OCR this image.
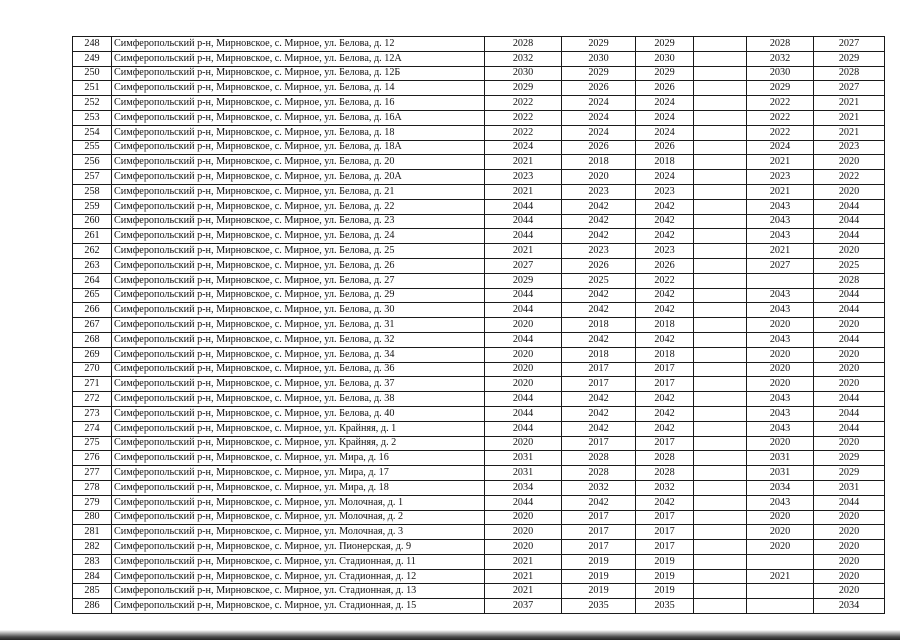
248	Симферопольский р-н, Мирновское, с. Мирное, ул. Белова, д. 12	2028	2029	2029		2028	2027
249	Симферопольский р-н, Мирновское, с. Мирное, ул. Белова, д. 12А	2032	2030	2030		2032	2029
250	Симферопольский р-н, Мирновское, с. Мирное, ул. Белова, д. 12Б	2030	2029	2029		2030	2028
251	Симферопольский р-н, Мирновское, с. Мирное, ул. Белова, д. 14	2029	2026	2026		2029	2027
252	Симферопольский р-н, Мирновское, с. Мирное, ул. Белова, д. 16	2022	2024	2024		2022	2021
253	Симферопольский р-н, Мирновское, с. Мирное, ул. Белова, д. 16А	2022	2024	2024		2022	2021
254	Симферопольский р-н, Мирновское, с. Мирное, ул. Белова, д. 18	2022	2024	2024		2022	2021
255	Симферопольский р-н, Мирновское, с. Мирное, ул. Белова, д. 18А	2024	2026	2026		2024	2023
256	Симферопольский р-н, Мирновское, с. Мирное, ул. Белова, д. 20	2021	2018	2018		2021	2020
257	Симферопольский р-н, Мирновское, с. Мирное, ул. Белова, д. 20А	2023	2020	2024		2023	2022
258	Симферопольский р-н, Мирновское, с. Мирное, ул. Белова, д. 21	2021	2023	2023		2021	2020
259	Симферопольский р-н, Мирновское, с. Мирное, ул. Белова, д. 22	2044	2042	2042		2043	2044
260	Симферопольский р-н, Мирновское, с. Мирное, ул. Белова, д. 23	2044	2042	2042		2043	2044
261	Симферопольский р-н, Мирновское, с. Мирное, ул. Белова, д. 24	2044	2042	2042		2043	2044
262	Симферопольский р-н, Мирновское, с. Мирное, ул. Белова, д. 25	2021	2023	2023		2021	2020
263	Симферопольский р-н, Мирновское, с. Мирное, ул. Белова, д. 26	2027	2026	2026		2027	2025
264	Симферопольский р-н, Мирновское, с. Мирное, ул. Белова, д. 27	2029	2025	2022			2028
265	Симферопольский р-н, Мирновское, с. Мирное, ул. Белова, д. 29	2044	2042	2042		2043	2044
266	Симферопольский р-н, Мирновское, с. Мирное, ул. Белова, д. 30	2044	2042	2042		2043	2044
267	Симферопольский р-н, Мирновское, с. Мирное, ул. Белова, д. 31	2020	2018	2018		2020	2020
268	Симферопольский р-н, Мирновское, с. Мирное, ул. Белова, д. 32	2044	2042	2042		2043	2044
269	Симферопольский р-н, Мирновское, с. Мирное, ул. Белова, д. 34	2020	2018	2018		2020	2020
270	Симферопольский р-н, Мирновское, с. Мирное, ул. Белова, д. 36	2020	2017	2017		2020	2020
271	Симферопольский р-н, Мирновское, с. Мирное, ул. Белова, д. 37	2020	2017	2017		2020	2020
272	Симферопольский р-н, Мирновское, с. Мирное, ул. Белова, д. 38	2044	2042	2042		2043	2044
273	Симферопольский р-н, Мирновское, с. Мирное, ул. Белова, д. 40	2044	2042	2042		2043	2044
274	Симферопольский р-н, Мирновское, с. Мирное, ул. Крайняя, д. 1	2044	2042	2042		2043	2044
275	Симферопольский р-н, Мирновское, с. Мирное, ул. Крайняя, д. 2	2020	2017	2017		2020	2020
276	Симферопольский р-н, Мирновское, с. Мирное, ул. Мира, д. 16	2031	2028	2028		2031	2029
277	Симферопольский р-н, Мирновское, с. Мирное, ул. Мира, д. 17	2031	2028	2028		2031	2029
278	Симферопольский р-н, Мирновское, с. Мирное, ул. Мира, д. 18	2034	2032	2032		2034	2031
279	Симферопольский р-н, Мирновское, с. Мирное, ул. Молочная, д. 1	2044	2042	2042		2043	2044
280	Симферопольский р-н, Мирновское, с. Мирное, ул. Молочная, д. 2	2020	2017	2017		2020	2020
281	Симферопольский р-н, Мирновское, с. Мирное, ул. Молочная, д. 3	2020	2017	2017		2020	2020
282	Симферопольский р-н, Мирновское, с. Мирное, ул. Пионерская, д. 9	2020	2017	2017		2020	2020
283	Симферопольский р-н, Мирновское, с. Мирное, ул. Стадионная, д. 11	2021	2019	2019			2020
284	Симферопольский р-н, Мирновское, с. Мирное, ул. Стадионная, д. 12	2021	2019	2019		2021	2020
285	Симферопольский р-н, Мирновское, с. Мирное, ул. Стадионная, д. 13	2021	2019	2019			2020
286	Симферопольский р-н, Мирновское, с. Мирное, ул. Стадионная, д. 15	2037	2035	2035			2034
